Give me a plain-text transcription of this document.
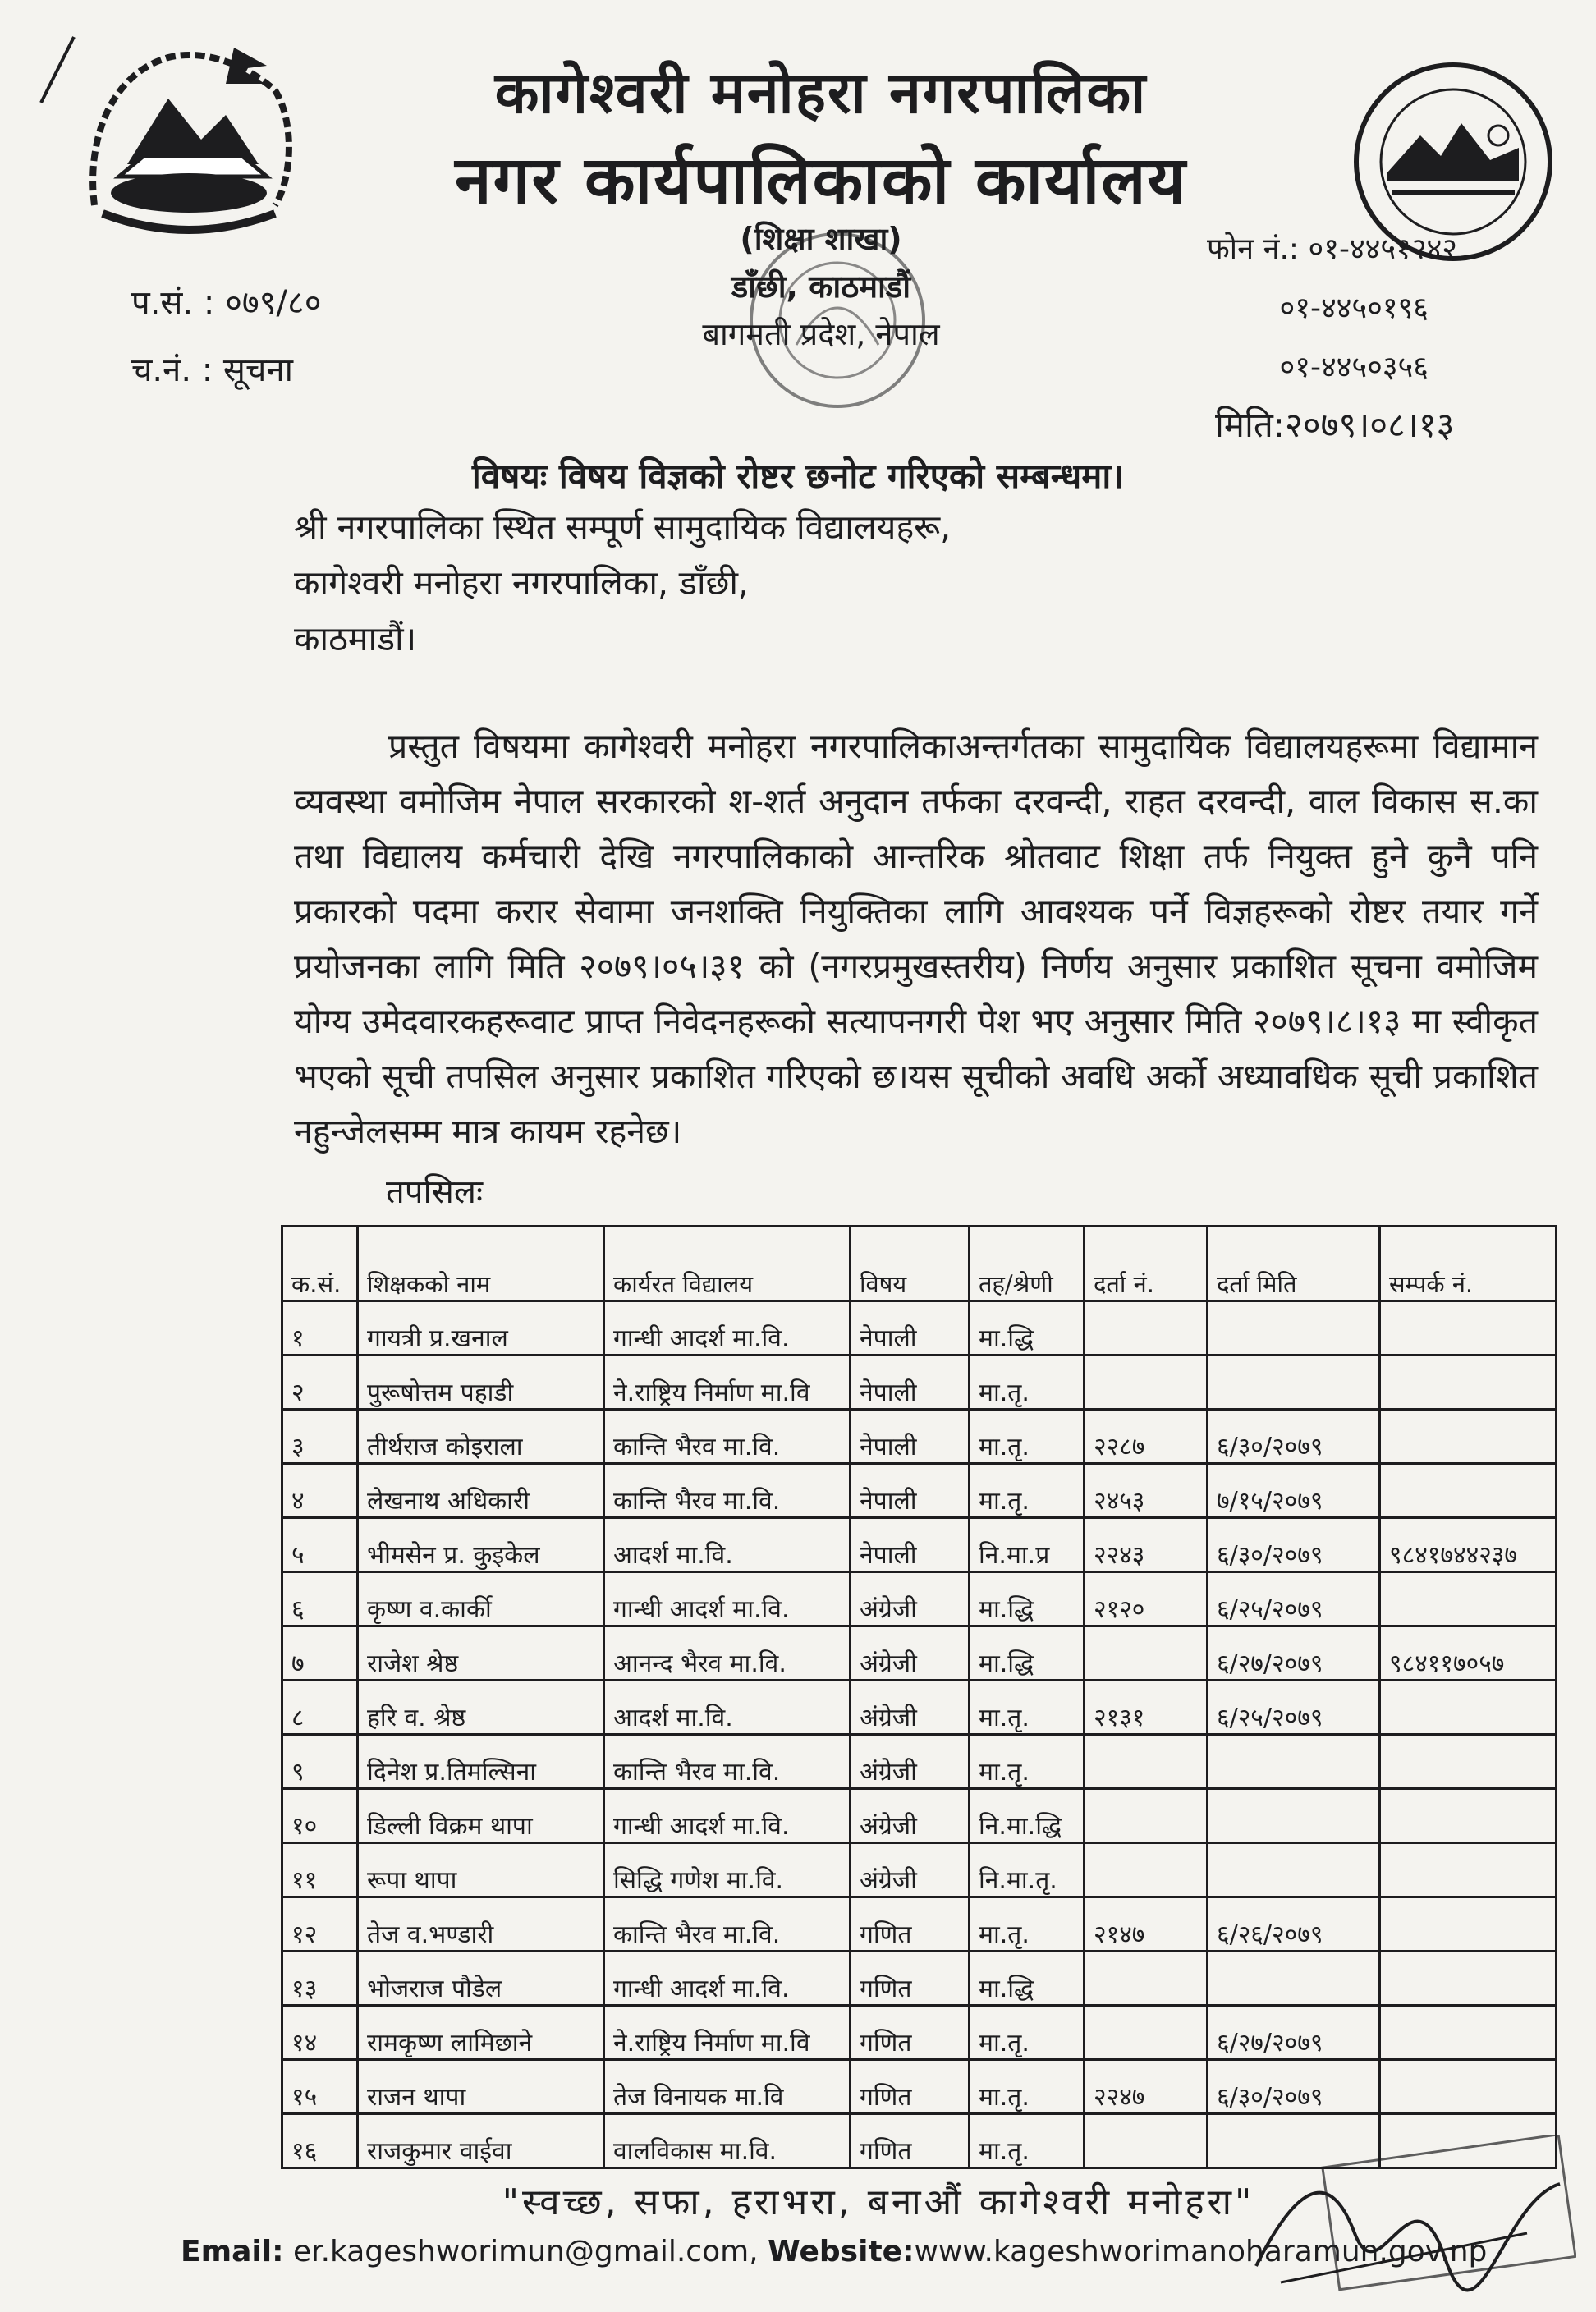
कागेश्वरी मनोहरा नगरपालिका
नगर कार्यपालिकाको कार्यालय
(शिक्षा शाखा)
डाँछी, काठमाडौं
बागमती प्रदेश, नेपाल
प.सं. : ०७९/८०
च.नं. : सूचना
फोन नं.: ०१-४४५१२४२
०१-४४५०१९६
०१-४४५०३५६
मिति:२०७९।०८।१३
विषयः विषय विज्ञको रोष्टर छनोट गरिएको सम्बन्धमा।
श्री नगरपालिका स्थित सम्पूर्ण सामुदायिक विद्यालयहरू,
कागेश्वरी मनोहरा नगरपालिका, डाँछी,
काठमाडौं।
प्रस्तुत विषयमा कागेश्वरी मनोहरा नगरपालिकाअन्तर्गतका सामुदायिक विद्यालयहरूमा विद्यामान व्यवस्था वमोजिम नेपाल सरकारको श-शर्त अनुदान तर्फका दरवन्दी, राहत दरवन्दी, वाल विकास स.का तथा विद्यालय कर्मचारी देखि नगरपालिकाको आन्तरिक श्रोतवाट शिक्षा तर्फ नियुक्त हुने कुनै पनि प्रकारको पदमा करार सेवामा जनशक्ति नियुक्तिका लागि आवश्यक पर्ने विज्ञहरूको रोष्टर तयार गर्ने प्रयोजनका लागि मिति २०७९।०५।३१ को (नगरप्रमुखस्तरीय) निर्णय अनुसार प्रकाशित सूचना वमोजिम योग्य उमेदवारकहरूवाट प्राप्त निवेदनहरूको सत्यापनगरी पेश भए अनुसार मिति २०७९।८।१३ मा स्वीकृत भएको सूची तपसिल अनुसार प्रकाशित गरिएको छ।यस सूचीको अवधि अर्को अध्यावधिक सूची प्रकाशित नहुन्जेलसम्म मात्र कायम रहनेछ।
तपसिलः
क.सं.	शिक्षकको नाम	कार्यरत विद्यालय	विषय	तह/श्रेणी	दर्ता नं.	दर्ता मिति	सम्पर्क नं.
१	गायत्री प्र.खनाल	गान्धी आदर्श मा.वि.	नेपाली	मा.द्धि			
२	पुरूषोत्तम पहाडी	ने.राष्ट्रिय निर्माण मा.वि	नेपाली	मा.तृ.			
३	तीर्थराज कोइराला	कान्ति भैरव मा.वि.	नेपाली	मा.तृ.	२२८७	६/३०/२०७९	
४	लेखनाथ अधिकारी	कान्ति भैरव मा.वि.	नेपाली	मा.तृ.	२४५३	७/१५/२०७९	
५	भीमसेन प्र. कुइकेल	आदर्श मा.वि.	नेपाली	नि.मा.प्र	२२४३	६/३०/२०७९	९८४१७४४२३७
६	कृष्ण व.कार्की	गान्धी आदर्श मा.वि.	अंग्रेजी	मा.द्धि	२१२०	६/२५/२०७९	
७	राजेश श्रेष्ठ	आनन्द भैरव मा.वि.	अंग्रेजी	मा.द्धि		६/२७/२०७९	९८४११७०५७
८	हरि व. श्रेष्ठ	आदर्श मा.वि.	अंग्रेजी	मा.तृ.	२१३१	६/२५/२०७९	
९	दिनेश प्र.तिमल्सिना	कान्ति भैरव मा.वि.	अंग्रेजी	मा.तृ.			
१०	डिल्ली विक्रम थापा	गान्धी आदर्श मा.वि.	अंग्रेजी	नि.मा.द्धि			
११	रूपा थापा	सिद्धि गणेश मा.वि.	अंग्रेजी	नि.मा.तृ.			
१२	तेज व.भण्डारी	कान्ति भैरव मा.वि.	गणित	मा.तृ.	२१४७	६/२६/२०७९	
१३	भोजराज पौडेल	गान्धी आदर्श मा.वि.	गणित	मा.द्धि			
१४	रामकृष्ण लामिछाने	ने.राष्ट्रिय निर्माण मा.वि	गणित	मा.तृ.		६/२७/२०७९	
१५	राजन थापा	तेज विनायक मा.वि	गणित	मा.तृ.	२२४७	६/३०/२०७९	
१६	राजकुमार वाईवा	वालविकास मा.वि.	गणित	मा.तृ.			
"स्वच्छ, सफा, हराभरा, बनाऔं कागेश्वरी मनोहरा"
Email: er.kageshworimun@gmail.com, Website:www.kageshworimanoharamun.gov.np
